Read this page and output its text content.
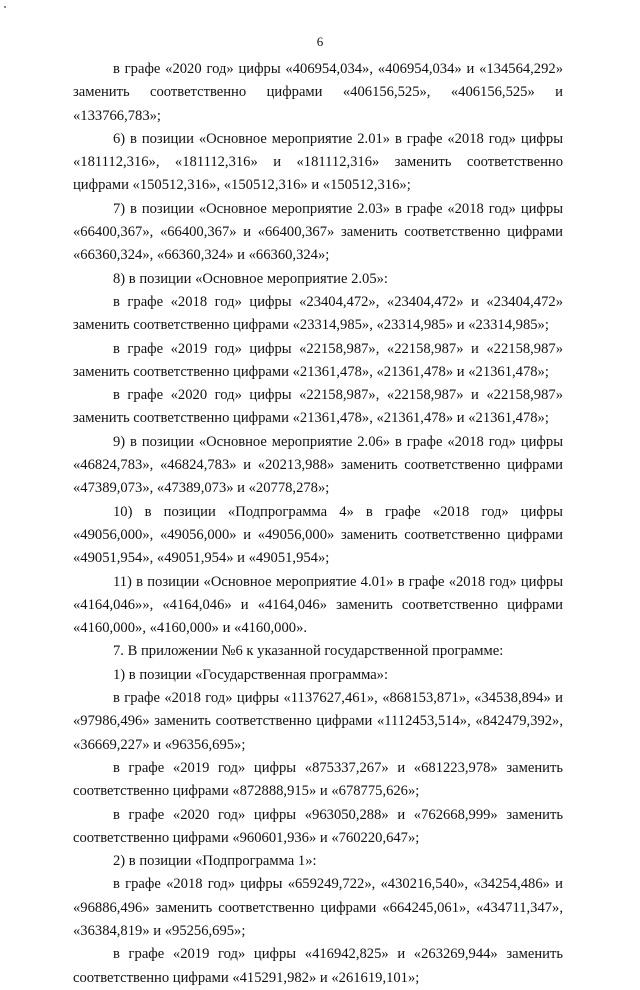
6

в графе «2020 год» цифры «406954,034», «406954,034» и «134564,292» заменить соответственно цифрами «406156,525», «406156,525» и «133766,783»;

6) в позиции «Основное мероприятие 2.01» в графе «2018 год» цифры «181112,316», «181112,316» и «181112,316» заменить соответственно цифрами «150512,316», «150512,316» и «150512,316»;

7) в позиции «Основное мероприятие 2.03» в графе «2018 год» цифры «66400,367», «66400,367» и «66400,367» заменить соответственно цифрами «66360,324», «66360,324» и «66360,324»;

8) в позиции «Основное мероприятие 2.05»:

в графе «2018 год» цифры «23404,472», «23404,472» и «23404,472» заменить соответственно цифрами «23314,985», «23314,985» и «23314,985»;

в графе «2019 год» цифры «22158,987», «22158,987» и «22158,987» заменить соответственно цифрами «21361,478», «21361,478» и «21361,478»;

в графе «2020 год» цифры «22158,987», «22158,987» и «22158,987» заменить соответственно цифрами «21361,478», «21361,478» и «21361,478»;

9) в позиции «Основное мероприятие 2.06» в графе «2018 год» цифры «46824,783», «46824,783» и «20213,988» заменить соответственно цифрами «47389,073», «47389,073» и «20778,278»;

10) в позиции «Подпрограмма 4» в графе «2018 год» цифры «49056,000», «49056,000» и «49056,000» заменить соответственно цифрами «49051,954», «49051,954» и «49051,954»;

11) в позиции «Основное мероприятие 4.01» в графе «2018 год» цифры «4164,046»», «4164,046» и «4164,046» заменить соответственно цифрами «4160,000», «4160,000» и «4160,000».

7. В приложении №6 к указанной государственной программе:

1) в позиции «Государственная программа»:

в графе «2018 год» цифры «1137627,461», «868153,871», «34538,894» и «97986,496» заменить соответственно цифрами «1112453,514», «842479,392», «36669,227» и «96356,695»;

в графе «2019 год» цифры «875337,267» и «681223,978» заменить соответственно цифрами «872888,915» и «678775,626»;

в графе «2020 год» цифры «963050,288» и «762668,999» заменить соответственно цифрами «960601,936» и «760220,647»;

2) в позиции «Подпрограмма 1»:

в графе «2018 год» цифры «659249,722», «430216,540», «34254,486» и «96886,496» заменить соответственно цифрами «664245,061», «434711,347», «36384,819» и «95256,695»;

в графе «2019 год» цифры «416942,825» и «263269,944» заменить соответственно цифрами «415291,982» и «261619,101»;
